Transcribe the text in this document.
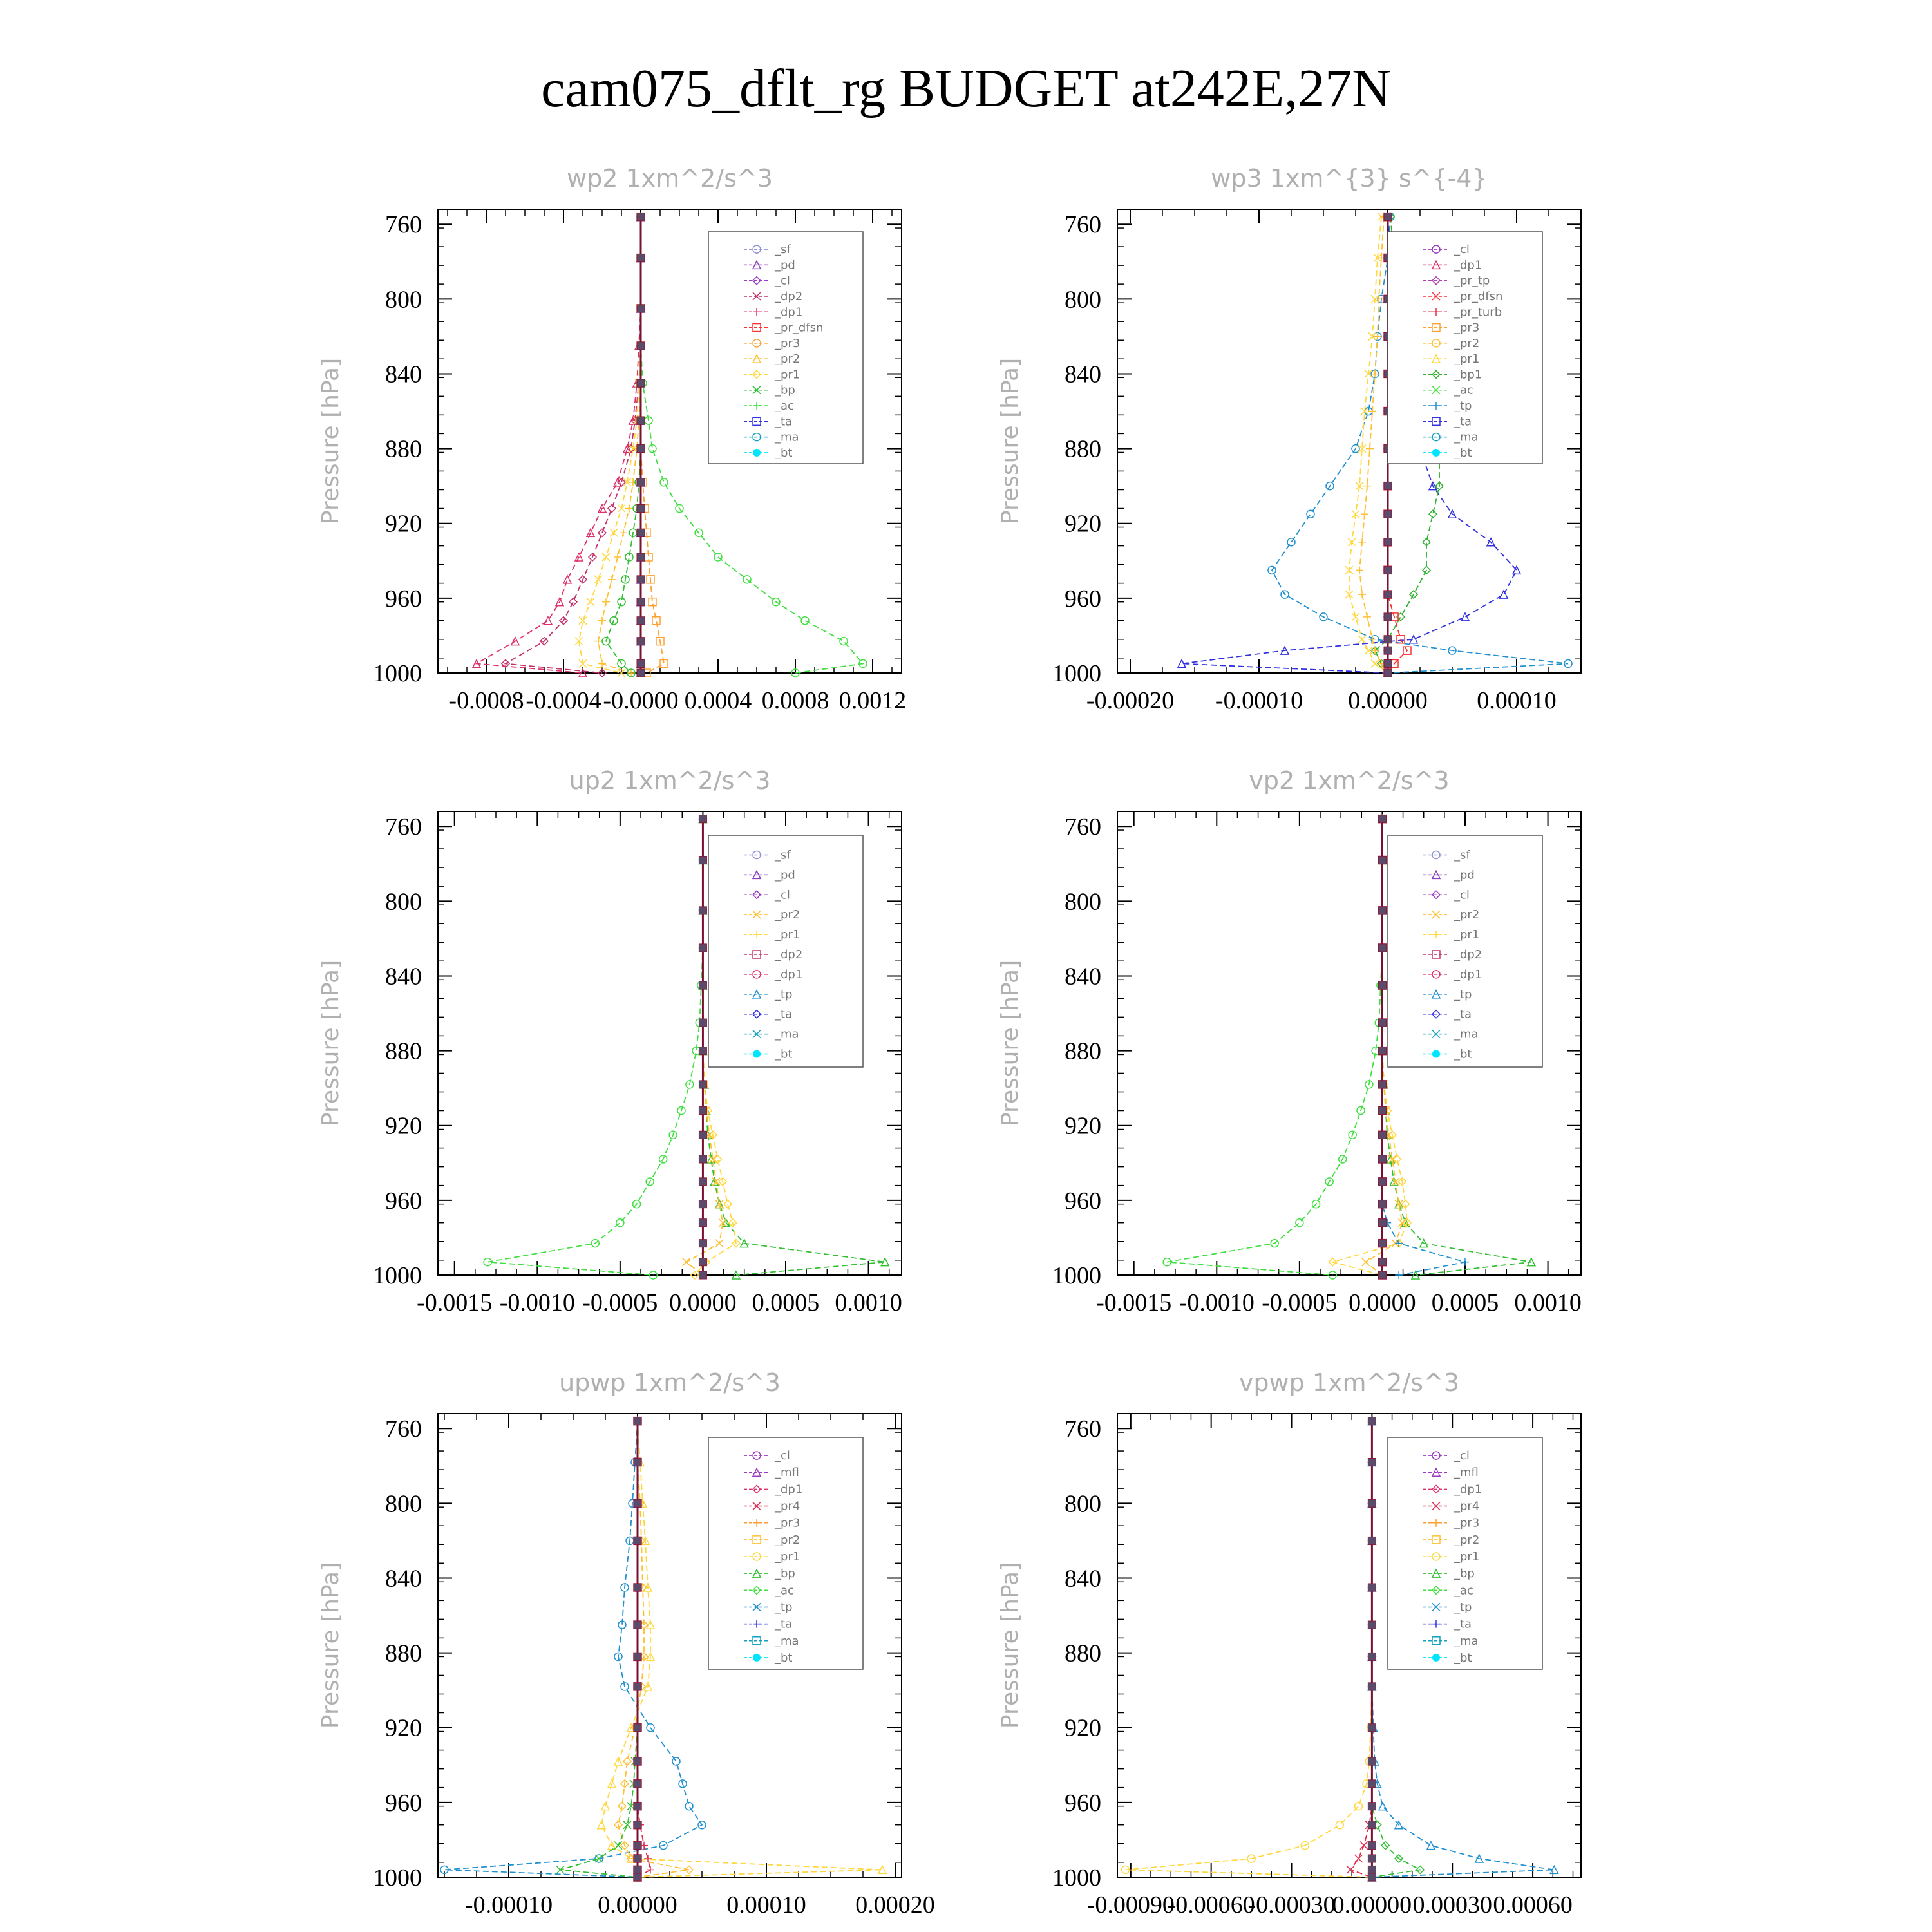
cam075_dflt_rg BUDGET at242E,27N
wp2 1xm^2/s^3
Pressure [hPa]
760
800
840
880
920
960
1000
-0.0008 -0.0004 -0.0000 0.0004 0.0008 0.0012
_sf
_pd
_cl
_dp2
_dp1
_pr_dfsn
_pr3
_pr2
_pr1
_bp
_ac
_ta
_ma
_bt
wp3 1xm^{3} s^{-4}
Pressure [hPa]
760
800
840
880
920
960
1000
-0.00020 -0.00010 0.00000 0.00010
_cl
_dp1
_pr_tp
_pr_dfsn
_pr_turb
_pr3
_pr2
_pr1
_bp1
_ac
_tp
_ta
_ma
_bt
up2 1xm^2/s^3
Pressure [hPa]
760
800
840
880
920
960
1000
-0.0015 -0.0010 -0.0005 0.0000 0.0005 0.0010
_sf
_pd
_cl
_pr2
_pr1
_dp2
_dp1
_tp
_ta
_ma
_bt
vp2 1xm^2/s^3
Pressure [hPa]
760
800
840
880
920
960
1000
-0.0015 -0.0010 -0.0005 0.0000 0.0005 0.0010
_sf
_pd
_cl
_pr2
_pr1
_dp2
_dp1
_tp
_ta
_ma
_bt
upwp 1xm^2/s^3
Pressure [hPa]
760
800
840
880
920
960
1000
-0.00010 0.00000 0.00010 0.00020
_cl
_mfl
_dp1
_pr4
_pr3
_pr2
_pr1
_bp
_ac
_tp
_ta
_ma
_bt
vpwp 1xm^2/s^3
Pressure [hPa]
760
800
840
880
920
960
1000
-0.00090
-0.00060
-0.00030
0.00000 0.00030 0.00060
_cl
_mfl
_dp1
_pr4
_pr3
_pr2
_pr1
_bp
_ac
_tp
_ta
_ma
_bt
